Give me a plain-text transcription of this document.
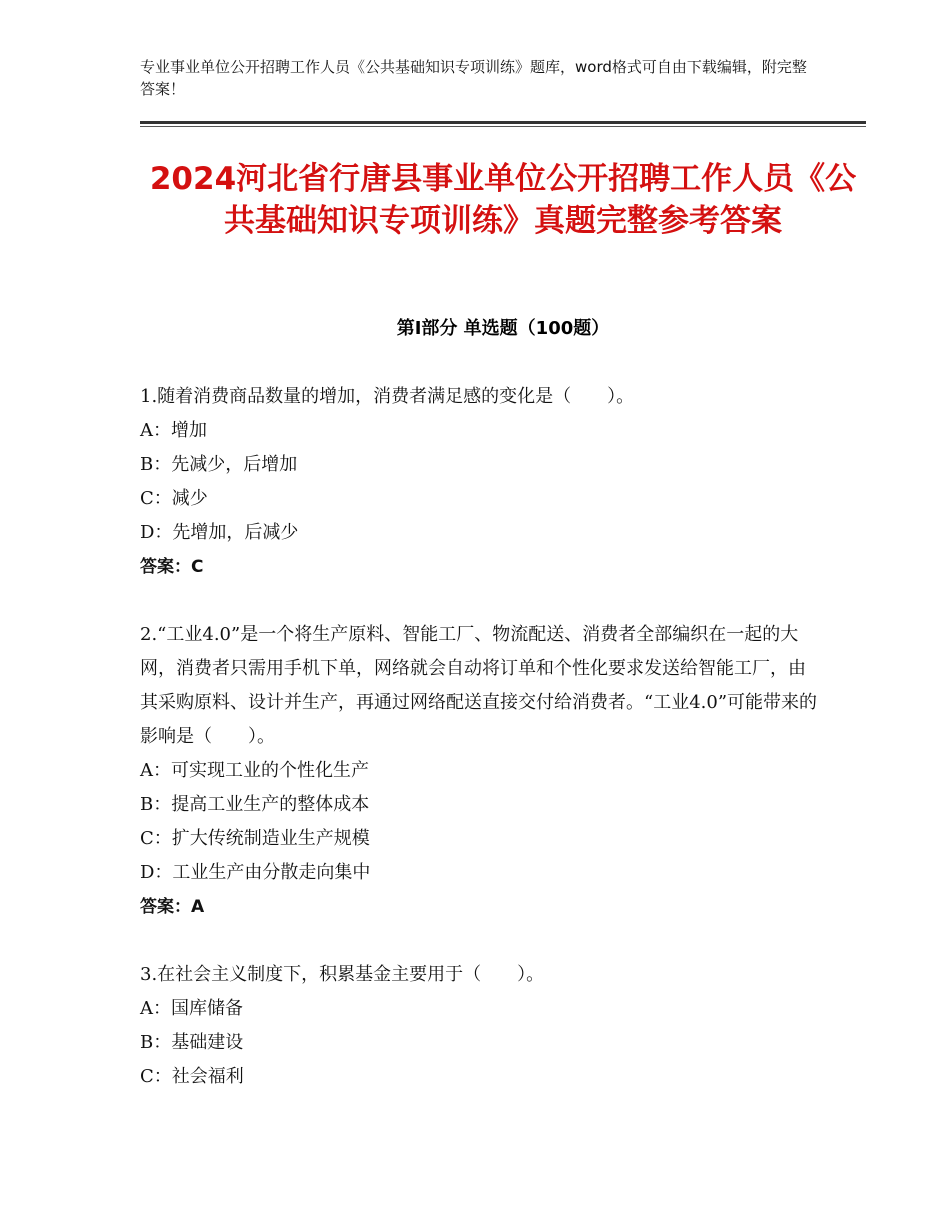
专业事业单位公开招聘工作人员《公共基础知识专项训练》题库，word格式可自由下载编辑，附完整答案！
2024河北省行唐县事业单位公开招聘工作人员《公共基础知识专项训练》真题完整参考答案
第I部分 单选题（100题）

1.随着消费商品数量的增加，消费者满足感的变化是（　　）。

A：增加

B：先减少，后增加

C：减少

D：先增加，后减少

答案：C

2.“工业4.0”是一个将生产原料、智能工厂、物流配送、消费者全部编织在一起的大网，消费者只需用手机下单，网络就会自动将订单和个性化要求发送给智能工厂，由其采购原料、设计并生产，再通过网络配送直接交付给消费者。“工业4.0”可能带来的影响是（　　）。

A：可实现工业的个性化生产

B：提高工业生产的整体成本

C：扩大传统制造业生产规模

D：工业生产由分散走向集中

答案：A

3.在社会主义制度下，积累基金主要用于（　　）。

A：国库储备

B：基础建设

C：社会福利
